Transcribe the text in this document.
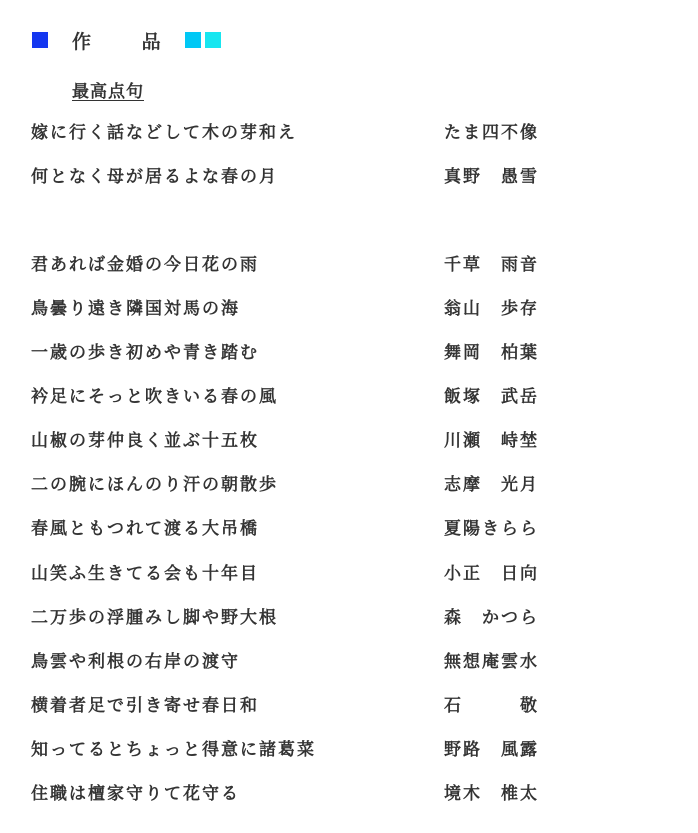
作 品
最高点句
嫁に行く話などして木の芽和え	たま四不像
何となく母が居るよな春の月	真野　愚雪
君あれば金婚の今日花の雨	千草　雨音
鳥曇り遠き隣国対馬の海	翁山　歩存
一歳の歩き初めや青き踏む	舞岡　柏葉
衿足にそっと吹きいる春の風	飯塚　武岳
山椒の芽仲良く並ぶ十五枚	川瀬　峙埜
二の腕にほんのり汗の朝散歩	志摩　光月
春風ともつれて渡る大吊橋	夏陽きらら
山笑ふ生きてる会も十年目	小正　日向
二万歩の浮腫みし脚や野大根	森　かつら
鳥雲や利根の右岸の渡守	無想庵雲水
横着者足で引き寄せ春日和	石　　　敬
知ってるとちょっと得意に諸葛菜	野路　風露
住職は檀家守りて花守る	境木　椎太
